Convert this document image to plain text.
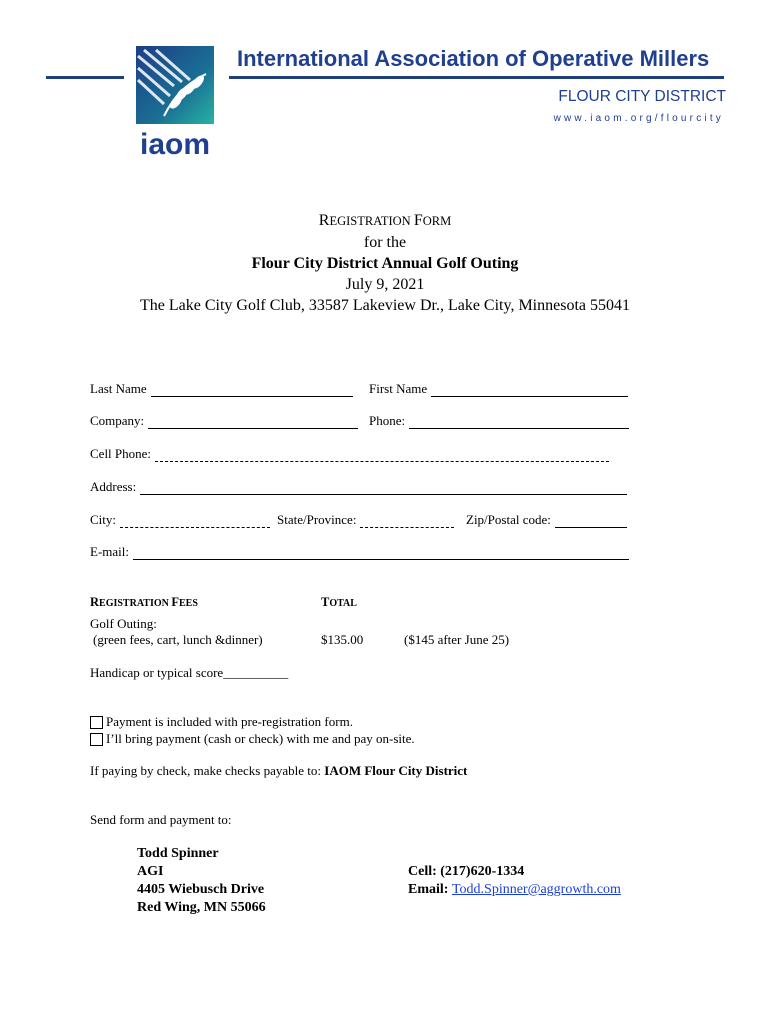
iaom
International Association of Operative Millers
FLOUR CITY DISTRICT
www.iaom.org/flourcity
REGISTRATION FORM
for the
Flour City District Annual Golf Outing
July 9, 2021
The Lake City Golf Club, 33587 Lakeview Dr., Lake City, Minnesota 55041
Last Name	First Name
Company:	Phone:
Cell Phone:
Address:
City:	State/Province:	Zip/Postal code:
E-mail:
REGISTRATION FEES	TOTAL
Golf Outing:
(green fees, cart, lunch &dinner)	$135.00	($145 after June 25)
Handicap or typical score__________
Payment is included with pre-registration form.
I’ll bring payment (cash or check) with me and pay on-site.
If paying by check, make checks payable to: IAOM Flour City District
Send form and payment to:
Todd Spinner
AGI
4405 Wiebusch Drive
Red Wing, MN 55066
Cell: (217)620-1334
Email: Todd.Spinner@aggrowth.com
